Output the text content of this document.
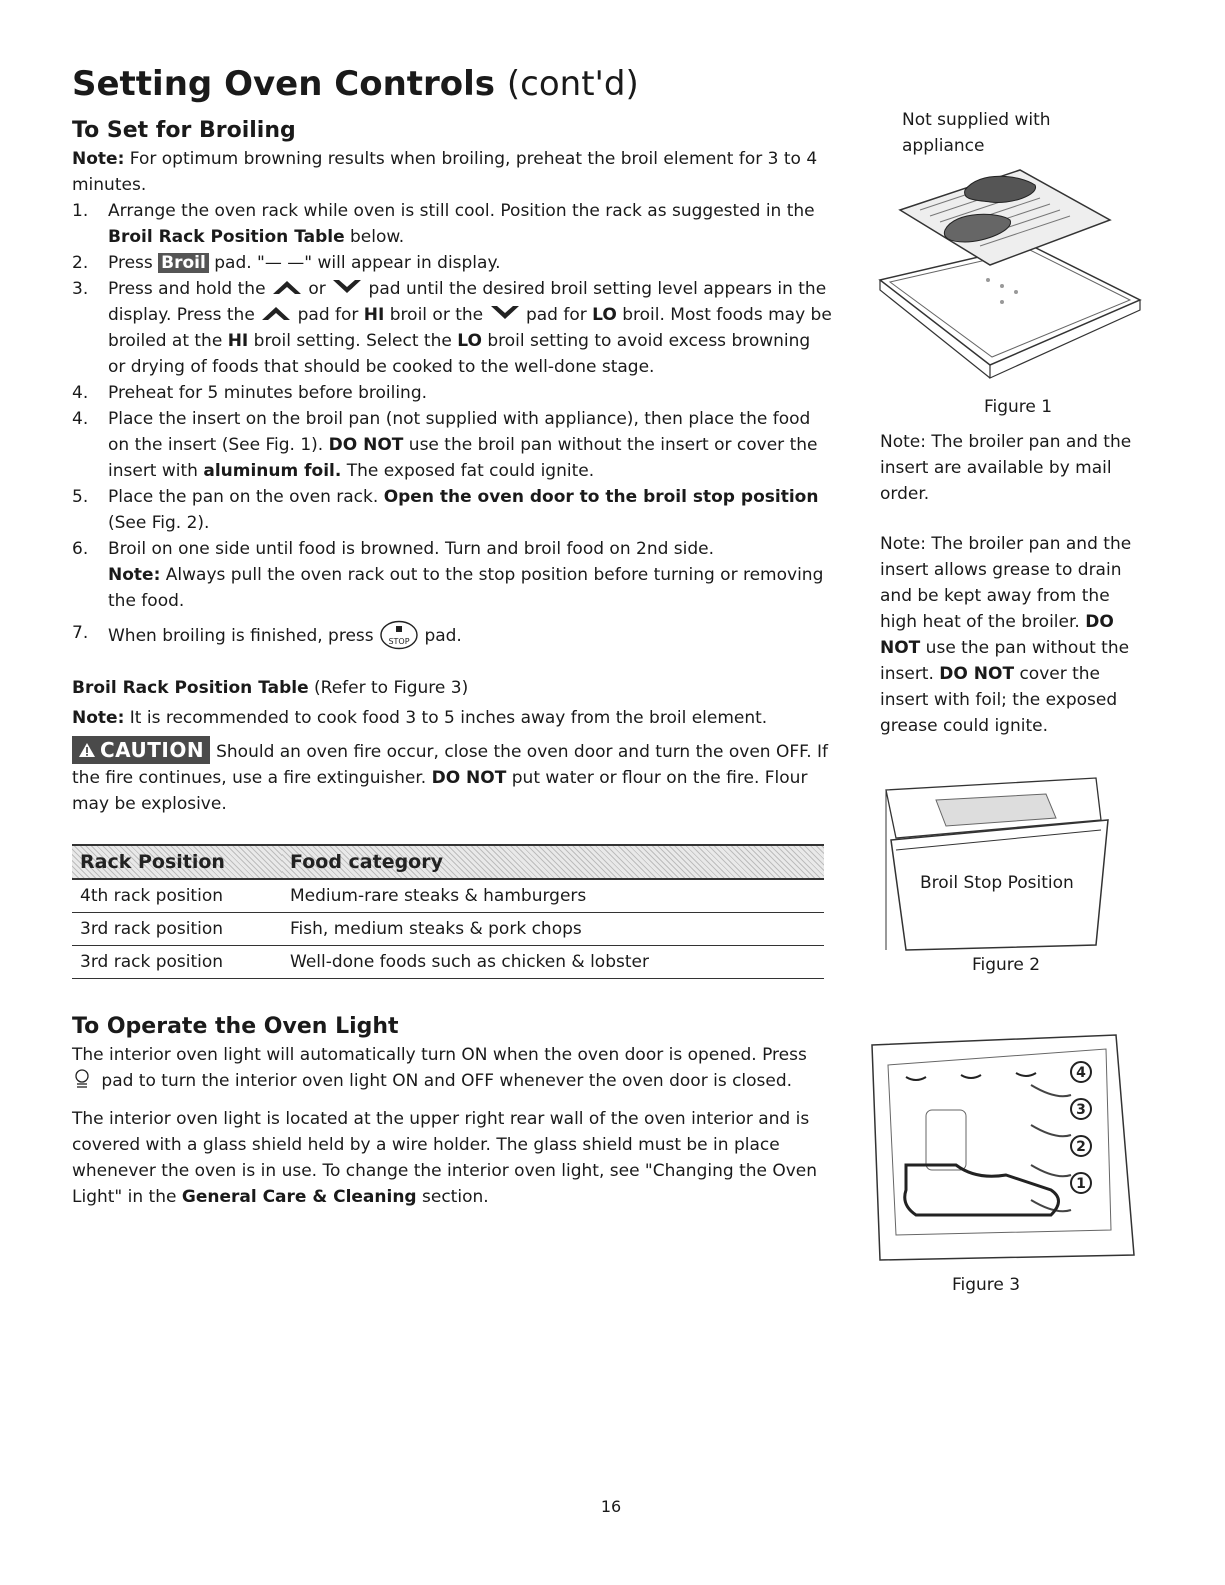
Setting Oven Controls (cont'd)
To Set for Broiling
Note: For optimum browning results when broiling, preheat the broil element for 3 to 4 minutes.
1. Arrange the oven rack while oven is still cool. Position the rack as suggested in the Broil Rack Position Table below.
2. Press Broil pad. "— —" will appear in display.
3. Press and hold the	or	pad until the desired broil setting level appears in the display. Press the	pad for HI broil or the	pad for LO broil. Most foods may be broiled at the HI broil setting. Select the LO broil setting to avoid excess browning or drying of foods that should be cooked to the well-done stage.
4. Preheat for 5 minutes before broiling.
4. Place the insert on the broil pan (not supplied with appliance), then place the food on the insert (See Fig. 1). DO NOT use the broil pan without the insert or cover the insert with aluminum foil. The exposed fat could ignite.
5. Place the pan on the oven rack. Open the oven door to the broil stop position (See Fig. 2).
6. Broil on one side until food is browned. Turn and broil food on 2nd side.
Note: Always pull the oven rack out to the stop position before turning or removing the food.
7. When broiling is finished, press STOP pad.
Broil Rack Position Table (Refer to Figure 3)
Note: It is recommended to cook food 3 to 5 inches away from the broil element.
CAUTION Should an oven fire occur, close the oven door and turn the oven OFF. If the fire continues, use a fire extinguisher. DO NOT put water or flour on the fire. Flour may be explosive.
Rack Position	Food category
4th rack position	Medium-rare steaks & hamburgers
3rd rack position	Fish, medium steaks & pork chops
3rd rack position	Well-done foods such as chicken & lobster
To Operate the Oven Light
The interior oven light will automatically turn ON when the oven door is opened. Press
pad to turn the interior oven light ON and OFF whenever the oven door is closed.
The interior oven light is located at the upper right rear wall of the oven interior and is covered with a glass shield held by a wire holder. The glass shield must be in place whenever the oven is in use. To change the interior oven light, see "Changing the Oven Light" in the General Care & Cleaning section.
Not supplied with appliance
Figure 1
Note: The broiler pan and the insert are available by mail order.
Note: The broiler pan and the insert allows grease to drain and be kept away from the high heat of the broiler. DO NOT use the pan without the insert. DO NOT cover the insert with foil; the exposed grease could ignite.
Broil Stop Position
Figure 2
4
3
2
1
Figure 3
16
